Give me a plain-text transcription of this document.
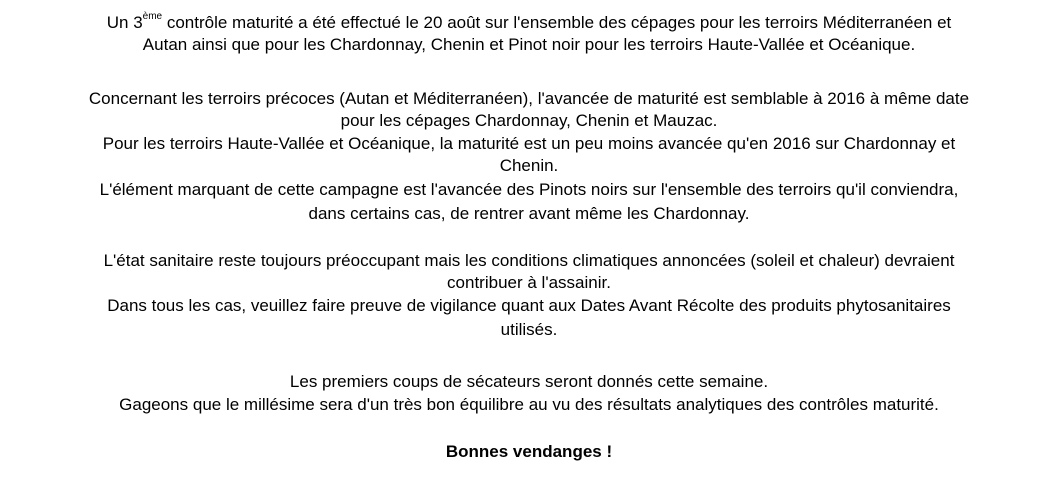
Un 3ème contrôle maturité a été effectué le 20 août sur l'ensemble des cépages pour les terroirs Méditerranéen et
Autan ainsi que pour les Chardonnay, Chenin et Pinot noir pour les terroirs Haute-Vallée et Océanique.
Concernant les terroirs précoces (Autan et Méditerranéen), l'avancée de maturité est semblable à 2016 à même date
pour les cépages Chardonnay, Chenin et Mauzac.
Pour les terroirs Haute-Vallée et Océanique, la maturité est un peu moins avancée qu'en 2016 sur Chardonnay et
Chenin.
L'élément marquant de cette campagne est l'avancée des Pinots noirs sur l'ensemble des terroirs qu'il conviendra,
dans certains cas, de rentrer avant même les Chardonnay.
L'état sanitaire reste toujours préoccupant mais les conditions climatiques annoncées (soleil et chaleur) devraient
contribuer à l'assainir.
Dans tous les cas, veuillez faire preuve de vigilance quant aux Dates Avant Récolte des produits phytosanitaires
utilisés.
Les premiers coups de sécateurs seront donnés cette semaine.
Gageons que le millésime sera d'un très bon équilibre au vu des résultats analytiques des contrôles maturité.
Bonnes vendanges !
